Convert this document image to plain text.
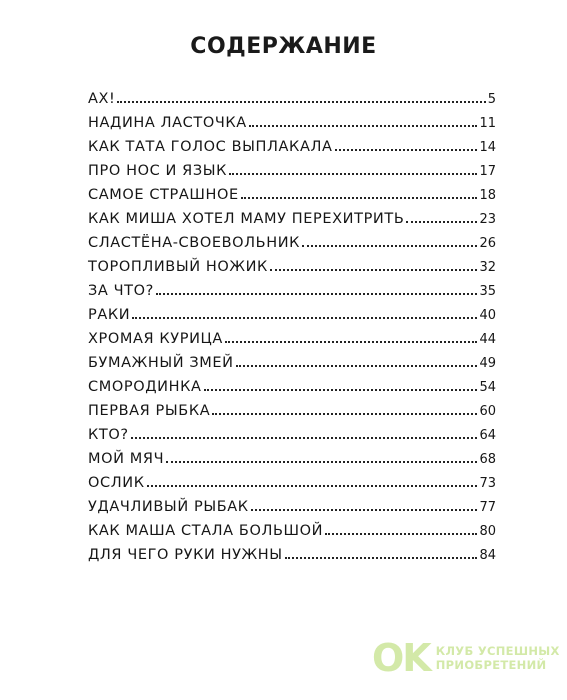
СОДЕРЖАНИЕ
АХ!	5
НАДИНА ЛАСТОЧКА	11
КАК ТАТА ГОЛОС ВЫПЛАКАЛА	14
ПРО НОС И ЯЗЫК	17
САМОЕ СТРАШНОЕ	18
КАК МИША ХОТЕЛ МАМУ ПЕРЕХИТРИТЬ	23
СЛАСТЁНА-СВОЕВОЛЬНИК	26
ТОРОПЛИВЫЙ НОЖИК	32
ЗА ЧТО?	35
РАКИ	40
ХРОМАЯ КУРИЦА	44
БУМАЖНЫЙ ЗМЕЙ	49
СМОРОДИНКА	54
ПЕРВАЯ РЫБКА	60
КТО?	64
МОЙ МЯЧ	68
ОСЛИК	73
УДАЧЛИВЫЙ РЫБАК	77
КАК МАША СТАЛА БОЛЬШОЙ	80
ДЛЯ ЧЕГО РУКИ НУЖНЫ	84
OK КЛУБ УСПЕШНЫХ
ПРИОБРЕТЕНИЙ
